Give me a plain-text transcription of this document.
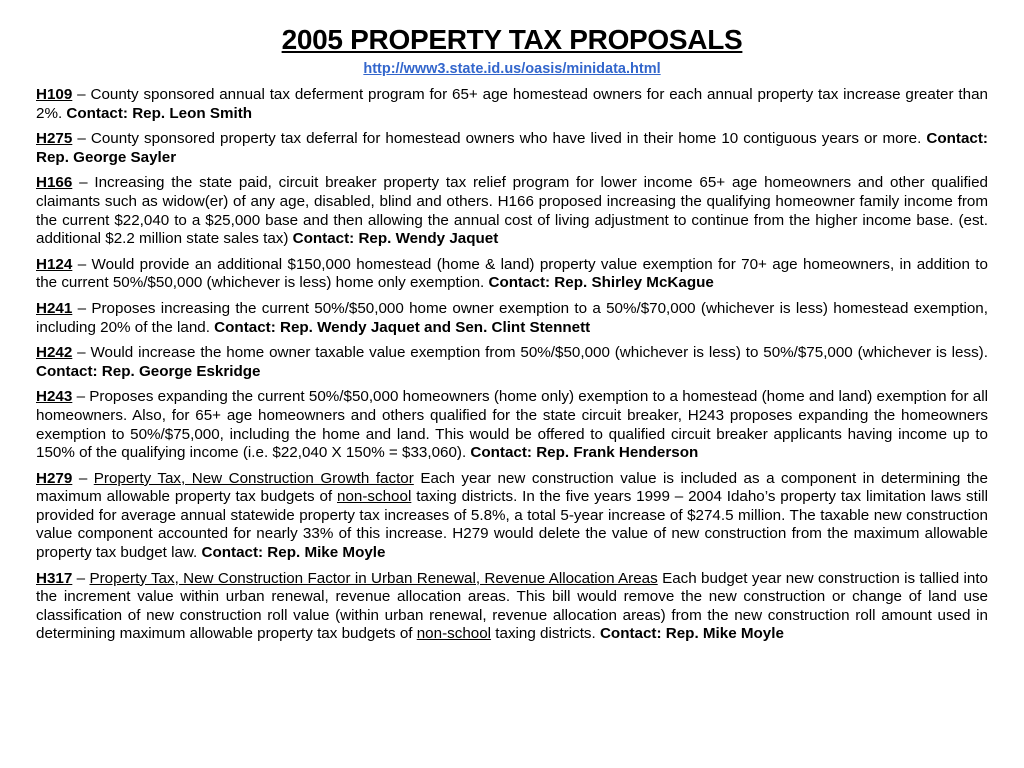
2005 PROPERTY TAX PROPOSALS
http://www3.state.id.us/oasis/minidata.html

H109 – County sponsored annual tax deferment program for 65+ age homestead owners for each annual property tax increase greater than 2%. Contact: Rep. Leon Smith

H275 – County sponsored property tax deferral for homestead owners who have lived in their home 10 contiguous years or more. Contact: Rep. George Sayler

H166 – Increasing the state paid, circuit breaker property tax relief program for lower income 65+ age homeowners and other qualified claimants such as widow(er) of any age, disabled, blind and others. H166 proposed increasing the qualifying homeowner family income from the current $22,040 to a $25,000 base and then allowing the annual cost of living adjustment to continue from the higher income base. (est. additional $2.2 million state sales tax) Contact: Rep. Wendy Jaquet

H124 – Would provide an additional $150,000 homestead (home & land) property value exemption for 70+ age homeowners, in addition to the current 50%/$50,000 (whichever is less) home only exemption. Contact: Rep. Shirley McKague

H241 – Proposes increasing the current 50%/$50,000 home owner exemption to a 50%/$70,000 (whichever is less) homestead exemption, including 20% of the land. Contact: Rep. Wendy Jaquet and Sen. Clint Stennett

H242 – Would increase the home owner taxable value exemption from 50%/$50,000 (whichever is less) to 50%/$75,000 (whichever is less). Contact: Rep. George Eskridge

H243 – Proposes expanding the current 50%/$50,000 homeowners (home only) exemption to a homestead (home and land) exemption for all homeowners. Also, for 65+ age homeowners and others qualified for the state circuit breaker, H243 proposes expanding the homeowners exemption to 50%/$75,000, including the home and land. This would be offered to qualified circuit breaker applicants having income up to 150% of the qualifying income (i.e. $22,040 X 150% = $33,060). Contact: Rep. Frank Henderson

H279 – Property Tax, New Construction Growth factor Each year new construction value is included as a component in determining the maximum allowable property tax budgets of non-school taxing districts. In the five years 1999 – 2004 Idaho’s property tax limitation laws still provided for average annual statewide property tax increases of 5.8%, a total 5-year increase of $274.5 million. The taxable new construction value component accounted for nearly 33% of this increase. H279 would delete the value of new construction from the maximum allowable property tax budget law. Contact: Rep. Mike Moyle

H317 – Property Tax, New Construction Factor in Urban Renewal, Revenue Allocation Areas Each budget year new construction is tallied into the increment value within urban renewal, revenue allocation areas. This bill would remove the new construction or change of land use classification of new construction roll value (within urban renewal, revenue allocation areas) from the new construction roll amount used in determining maximum allowable property tax budgets of non-school taxing districts. Contact: Rep. Mike Moyle
